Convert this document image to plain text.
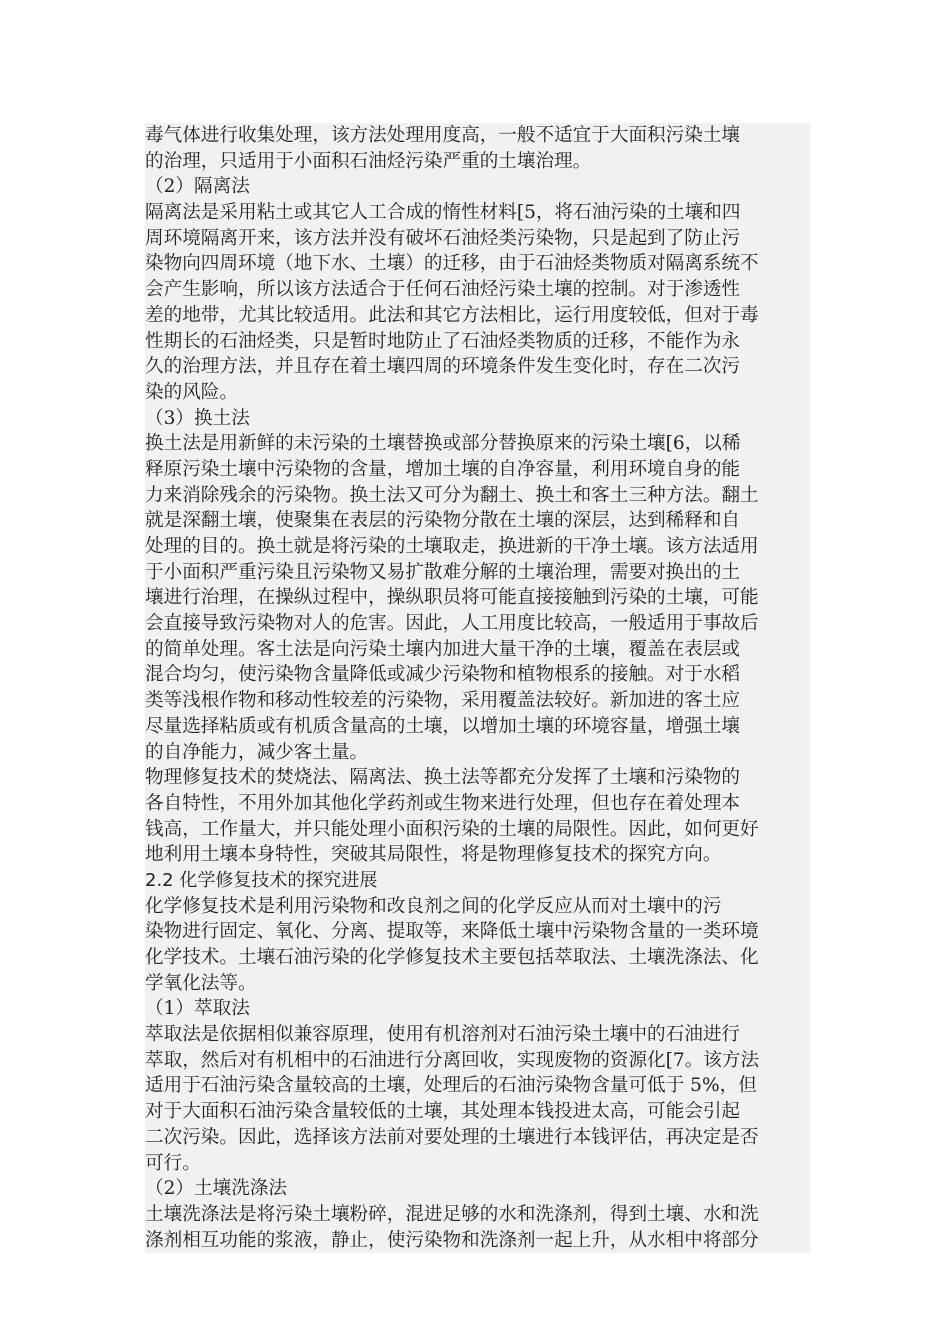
毒气体进行收集处理，该方法处理用度高，一般不适宜于大面积污染土壤
的治理，只适用于小面积石油烃污染严重的土壤治理。
（2）隔离法
隔离法是采用粘土或其它人工合成的惰性材料[5，将石油污染的土壤和四
周环境隔离开来，该方法并没有破坏石油烃类污染物，只是起到了防止污
染物向四周环境（地下水、土壤）的迁移，由于石油烃类物质对隔离系统不
会产生影响，所以该方法适合于任何石油烃污染土壤的控制。对于渗透性
差的地带，尤其比较适用。此法和其它方法相比，运行用度较低，但对于毒
性期长的石油烃类，只是暂时地防止了石油烃类物质的迁移，不能作为永
久的治理方法，并且存在着土壤四周的环境条件发生变化时，存在二次污
染的风险。
（3）换土法
换土法是用新鲜的未污染的土壤替换或部分替换原来的污染土壤[6，以稀
释原污染土壤中污染物的含量，增加土壤的自净容量，利用环境自身的能
力来消除残余的污染物。换土法又可分为翻土、换土和客土三种方法。翻土
就是深翻土壤，使聚集在表层的污染物分散在土壤的深层，达到稀释和自
处理的目的。换土就是将污染的土壤取走，换进新的干净土壤。该方法适用
于小面积严重污染且污染物又易扩散难分解的土壤治理，需要对换出的土
壤进行治理，在操纵过程中，操纵职员将可能直接接触到污染的土壤，可能
会直接导致污染物对人的危害。因此，人工用度比较高，一般适用于事故后
的简单处理。客土法是向污染土壤内加进大量干净的土壤，覆盖在表层或
混合均匀，使污染物含量降低或减少污染物和植物根系的接触。对于水稻
类等浅根作物和移动性较差的污染物，采用覆盖法较好。新加进的客土应
尽量选择粘质或有机质含量高的土壤，以增加土壤的环境容量，增强土壤
的自净能力，减少客土量。
物理修复技术的焚烧法、隔离法、换土法等都充分发挥了土壤和污染物的
各自特性，不用外加其他化学药剂或生物来进行处理，但也存在着处理本
钱高，工作量大，并只能处理小面积污染的土壤的局限性。因此，如何更好
地利用土壤本身特性，突破其局限性，将是物理修复技术的探究方向。
2.2 化学修复技术的探究进展
化学修复技术是利用污染物和改良剂之间的化学反应从而对土壤中的污
染物进行固定、氧化、分离、提取等，来降低土壤中污染物含量的一类环境
化学技术。土壤石油污染的化学修复技术主要包括萃取法、土壤洗涤法、化
学氧化法等。
（1）萃取法
萃取法是依据相似兼容原理，使用有机溶剂对石油污染土壤中的石油进行
萃取，然后对有机相中的石油进行分离回收，实现废物的资源化[7。该方法
适用于石油污染含量较高的土壤，处理后的石油污染物含量可低于 5%，但
对于大面积石油污染含量较低的土壤，其处理本钱投进太高，可能会引起
二次污染。因此，选择该方法前对要处理的土壤进行本钱评估，再决定是否
可行。
（2）土壤洗涤法
土壤洗涤法是将污染土壤粉碎，混进足够的水和洗涤剂，得到土壤、水和洗
涤剂相互功能的浆液，静止，使污染物和洗涤剂一起上升，从水相中将部分
